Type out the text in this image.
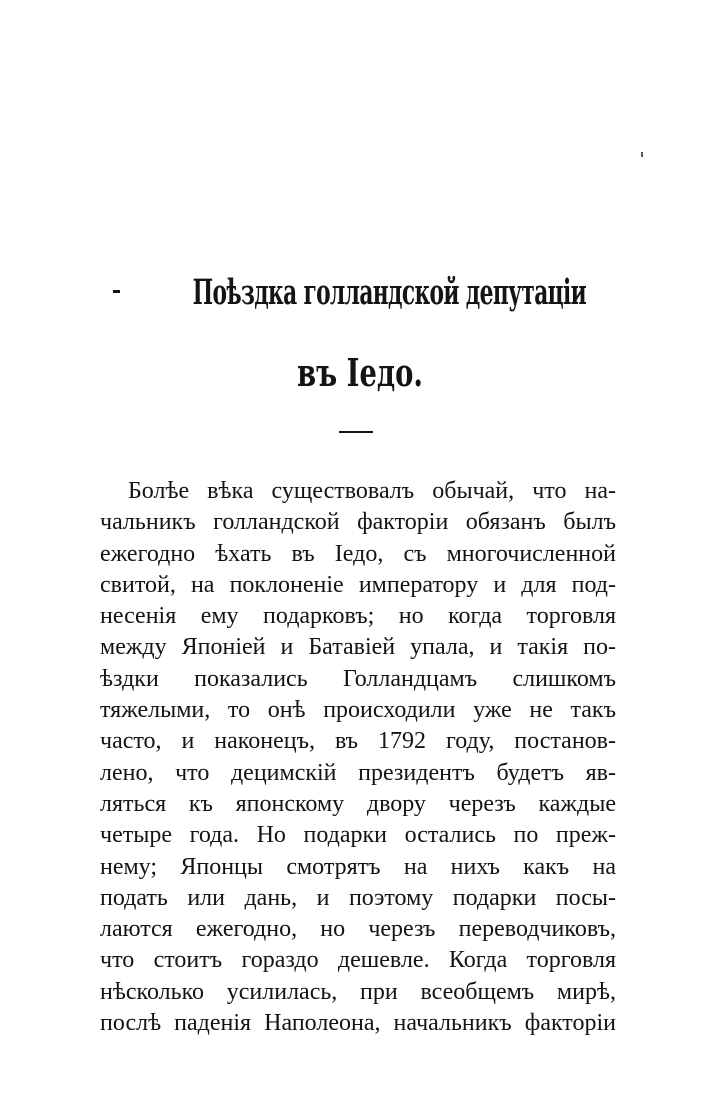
Поѣздка голландской депутаціи
въ Іедо.
Болѣе вѣка существовалъ обычай, что на-
чальникъ голландской факторіи обязанъ былъ
ежегодно ѣхать въ Іедо, съ многочисленной
свитой, на поклоненіе императору и для под-
несенія ему подарковъ; но когда торговля
между Японіей и Батавіей упала, и такія по-
ѣздки показались Голландцамъ слишкомъ
тяжелыми, то онѣ происходили уже не такъ
часто, и наконецъ, въ 1792 году, постанов-
лено, что децимскій президентъ будетъ яв-
ляться къ японскому двору черезъ каждые
четыре года. Но подарки остались по преж-
нему; Японцы смотрятъ на нихъ какъ на
подать или дань, и поэтому подарки посы-
лаются ежегодно, но черезъ переводчиковъ,
что стоитъ гораздо дешевле. Когда торговля
нѣсколько усилилась, при всеобщемъ мирѣ,
послѣ паденія Наполеона, начальникъ факторіи
